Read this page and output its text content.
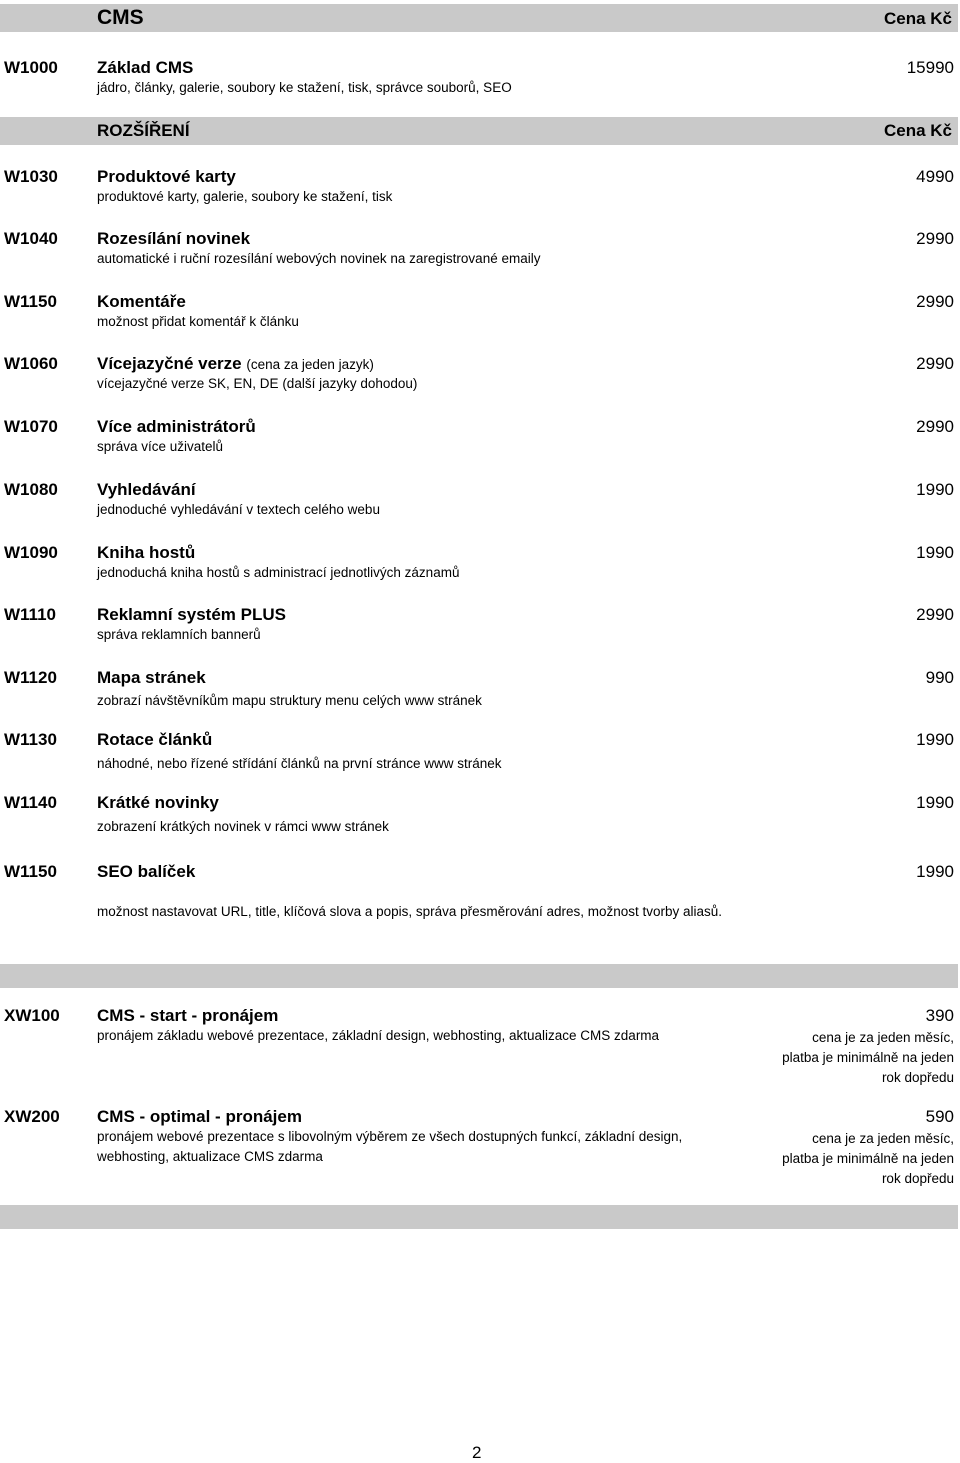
CMS	Cena Kč
W1000 Základ CMS
jádro, články, galerie, soubory ke stažení, tisk, správce souborů, SEO
15990
ROZŠÍŘENÍ	Cena Kč
W1030 Produktové karty
produktové karty, galerie, soubory ke stažení, tisk
4990
W1040 Rozesílání novinek
automatické i ruční rozesílání webových novinek na zaregistrované emaily
2990
W1150 Komentáře
možnost přidat komentář k článku
2990
W1060 Vícejazyčné verze (cena za jeden jazyk)
vícejazyčné verze SK, EN, DE (další jazyky dohodou)
2990
W1070 Více administrátorů
správa více uživatelů
2990
W1080 Vyhledávání
jednoduché vyhledávání v textech celého webu
1990
W1090 Kniha hostů
jednoduchá kniha hostů s administrací jednotlivých záznamů
1990
W1110 Reklamní systém PLUS
správa reklamních bannerů
2990
W1120 Mapa stránek
zobrazí návštěvníkům mapu struktury menu celých www stránek
990
W1130 Rotace článků
náhodné, nebo řízené střídání článků na první stránce www stránek
1990
W1140 Krátké novinky
zobrazení krátkých novinek v rámci www stránek
1990
W1150 SEO balíček
možnost nastavovat URL, title, klíčová slova a popis, správa přesměrování adres, možnost tvorby aliasů.
1990
XW100 CMS - start - pronájem
pronájem základu webové prezentace, základní design, webhosting, aktualizace CMS zdarma
390
cena je za jeden měsíc,
platba je minimálně na jeden
rok dopředu
XW200 CMS - optimal - pronájem
pronájem webové prezentace s libovolným výběrem ze všech dostupných funkcí, základní design,
webhosting, aktualizace CMS zdarma
590
cena je za jeden měsíc,
platba je minimálně na jeden
rok dopředu
2
